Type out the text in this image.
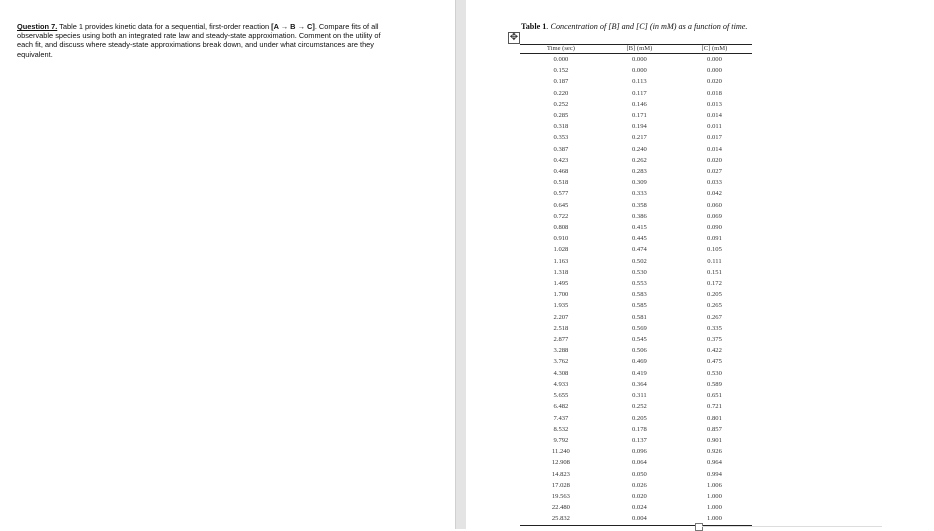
Question 7. Table 1 provides kinetic data for a sequential, first-order reaction [A → B → C]. Compare fits of all observable species using both an integrated rate law and steady-state approximation. Comment on the utility of each fit, and discuss where steady-state approximations break down, and under what circumstances are they equivalent.
Table 1. Concentration of [B] and [C] (in mM) as a function of time.
✥
Time (sec)	[B] (mM)	[C] (mM)
0.000	0.000	0.000
0.152	0.000	0.000
0.187	0.113	0.020
0.220	0.117	0.018
0.252	0.146	0.013
0.285	0.171	0.014
0.318	0.194	0.011
0.353	0.217	0.017
0.387	0.240	0.014
0.423	0.262	0.020
0.468	0.283	0.027
0.518	0.309	0.033
0.577	0.333	0.042
0.645	0.358	0.060
0.722	0.386	0.069
0.808	0.415	0.090
0.910	0.445	0.091
1.028	0.474	0.105
1.163	0.502	0.111
1.318	0.530	0.151
1.495	0.553	0.172
1.700	0.583	0.205
1.935	0.585	0.265
2.207	0.581	0.267
2.518	0.569	0.335
2.877	0.545	0.375
3.288	0.506	0.422
3.762	0.469	0.475
4.308	0.419	0.530
4.933	0.364	0.589
5.655	0.311	0.651
6.482	0.252	0.721
7.437	0.205	0.801
8.532	0.178	0.857
9.792	0.137	0.901
11.240	0.096	0.926
12.908	0.064	0.964
14.823	0.050	0.994
17.028	0.026	1.006
19.563	0.020	1.000
22.480	0.024	1.000
25.832	0.004	1.000
